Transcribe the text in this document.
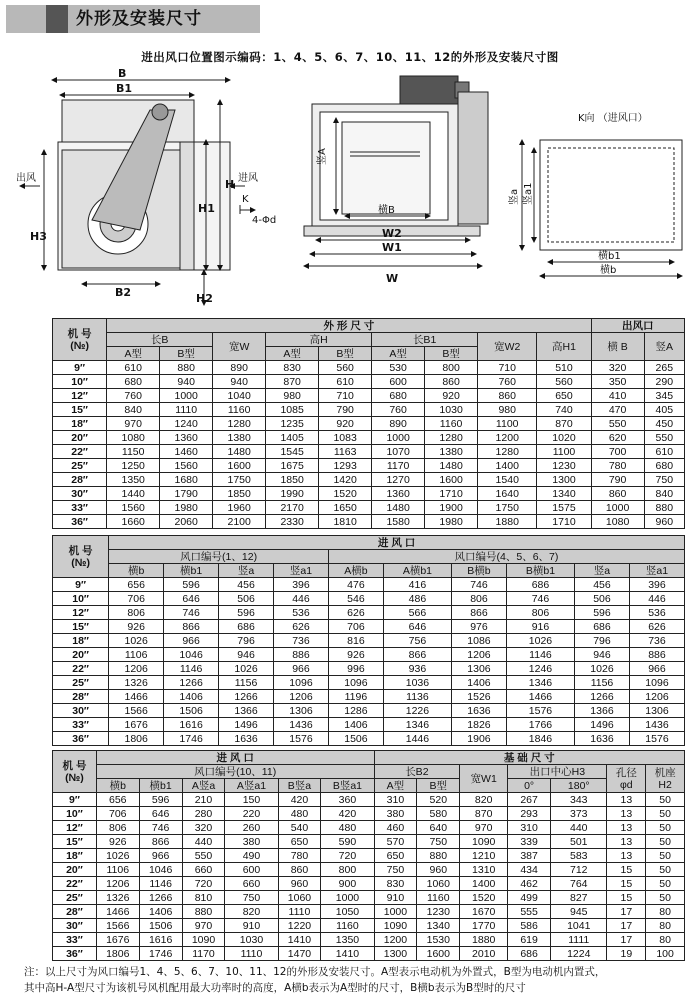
外形及安装尺寸
进出风口位置图示编码：1、4、5、6、7、10、11、12的外形及安装尺寸图
B
B1
B2
H3
H1
H
H2
出风	进风
K
4-Φd
竖A
横B
W2
W1
W
K向 （进风口）
竖a 竖a1
横b1
横b
机 号
(№)	外 形 尺 寸									出风口	
	长B		宽W	高H		长B1		宽W2	高H1	横 B	竖A
	A型	B型		A型	B型	A型	B型				
9″	610	880	890	830	560	530	800	710	510	320	265
10″	680	940	940	870	610	600	860	760	560	350	290
12″	760	1000	1040	980	710	680	920	860	650	410	345
15″	840	1110	1160	1085	790	760	1030	980	740	470	405
18″	970	1240	1280	1235	920	890	1160	1100	870	550	450
20″	1080	1360	1380	1405	1083	1000	1280	1200	1020	620	550
22″	1150	1460	1480	1545	1163	1070	1380	1280	1100	700	610
25″	1250	1560	1600	1675	1293	1170	1480	1400	1230	780	680
28″	1350	1680	1750	1850	1420	1270	1600	1540	1300	790	750
30″	1440	1790	1850	1990	1520	1360	1710	1640	1340	860	840
33″	1560	1980	1960	2170	1650	1480	1900	1750	1575	1000	880
36″	1660	2060	2100	2330	1810	1580	1980	1880	1710	1080	960
机 号
(№)	进 风 口									
	风口编号(1、12)				风口编号(4、5、6、7)					
	横b	横b1	竖a	竖a1	A横b	A横b1	B横b	B横b1	竖a	竖a1
9″	656	596	456	396	476	416	746	686	456	396
10″	706	646	506	446	546	486	806	746	506	446
12″	806	746	596	536	626	566	866	806	596	536
15″	926	866	686	626	706	646	976	916	686	626
18″	1026	966	796	736	816	756	1086	1026	796	736
20″	1106	1046	946	886	926	866	1206	1146	946	886
22″	1206	1146	1026	966	996	936	1306	1246	1026	966
25″	1326	1266	1156	1096	1096	1036	1406	1346	1156	1096
28″	1466	1406	1266	1206	1196	1136	1526	1466	1266	1206
30″	1566	1506	1366	1306	1286	1226	1636	1576	1366	1306
33″	1676	1616	1496	1436	1406	1346	1826	1766	1496	1436
36″	1806	1746	1636	1576	1506	1446	1906	1846	1636	1576
机 号
(№)	进 风 口						基 础 尺 寸						
	风口编号(10、11)						长B2		宽W1	出口中心H3		孔径
φd	机座
H2
	横b	横b1	A竖a	A竖a1	B竖a	B竖a1	A型	B型		0°	180°		
9″	656	596	210	150	420	360	310	520	820	267	343	13	50
10″	706	646	280	220	480	420	380	580	870	293	373	13	50
12″	806	746	320	260	540	480	460	640	970	310	440	13	50
15″	926	866	440	380	650	590	570	750	1090	339	501	13	50
18″	1026	966	550	490	780	720	650	880	1210	387	583	13	50
20″	1106	1046	660	600	860	800	750	960	1310	434	712	15	50
22″	1206	1146	720	660	960	900	830	1060	1400	462	764	15	50
25″	1326	1266	810	750	1060	1000	910	1160	1520	499	827	15	50
28″	1466	1406	880	820	1110	1050	1000	1230	1670	555	945	17	80
30″	1566	1506	970	910	1220	1160	1090	1340	1770	586	1041	17	80
33″	1676	1616	1090	1030	1410	1350	1200	1530	1880	619	1111	17	80
36″	1806	1746	1170	1110	1470	1410	1300	1600	2010	686	1224	19	100
注：以上尺寸为风口编号1、4、5、6、7、10、11、12的外形及安装尺寸。A型表示电动机为外置式，B型为电动机内置式，
其中高H-A型尺寸为该机号风机配用最大功率时的高度，A横b表示为A型时的尺寸，B横b表示为B型时的尺寸
